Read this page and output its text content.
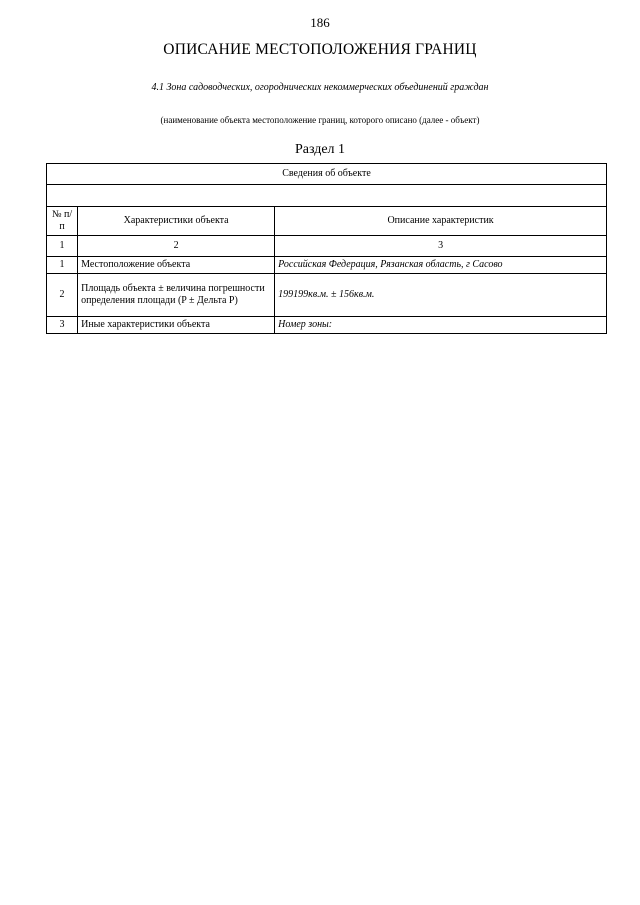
186
ОПИСАНИЕ МЕСТОПОЛОЖЕНИЯ ГРАНИЦ
4.1 Зона садоводческих, огороднических некоммерческих объединений граждан
(наименование объекта местоположение границ, которого описано (далее - объект)
Раздел 1
Сведения об объекте		

№ п/п	Характеристики объекта	Описание характеристик
1	2	3
1	Местоположение объекта	Российская Федерация, Рязанская область, г Сасово
2	Площадь объекта ± величина погрешности определения площади (P ± Дельта P)	199199кв.м. ± 156кв.м.
3	Иные характеристики объекта	Номер зоны:
